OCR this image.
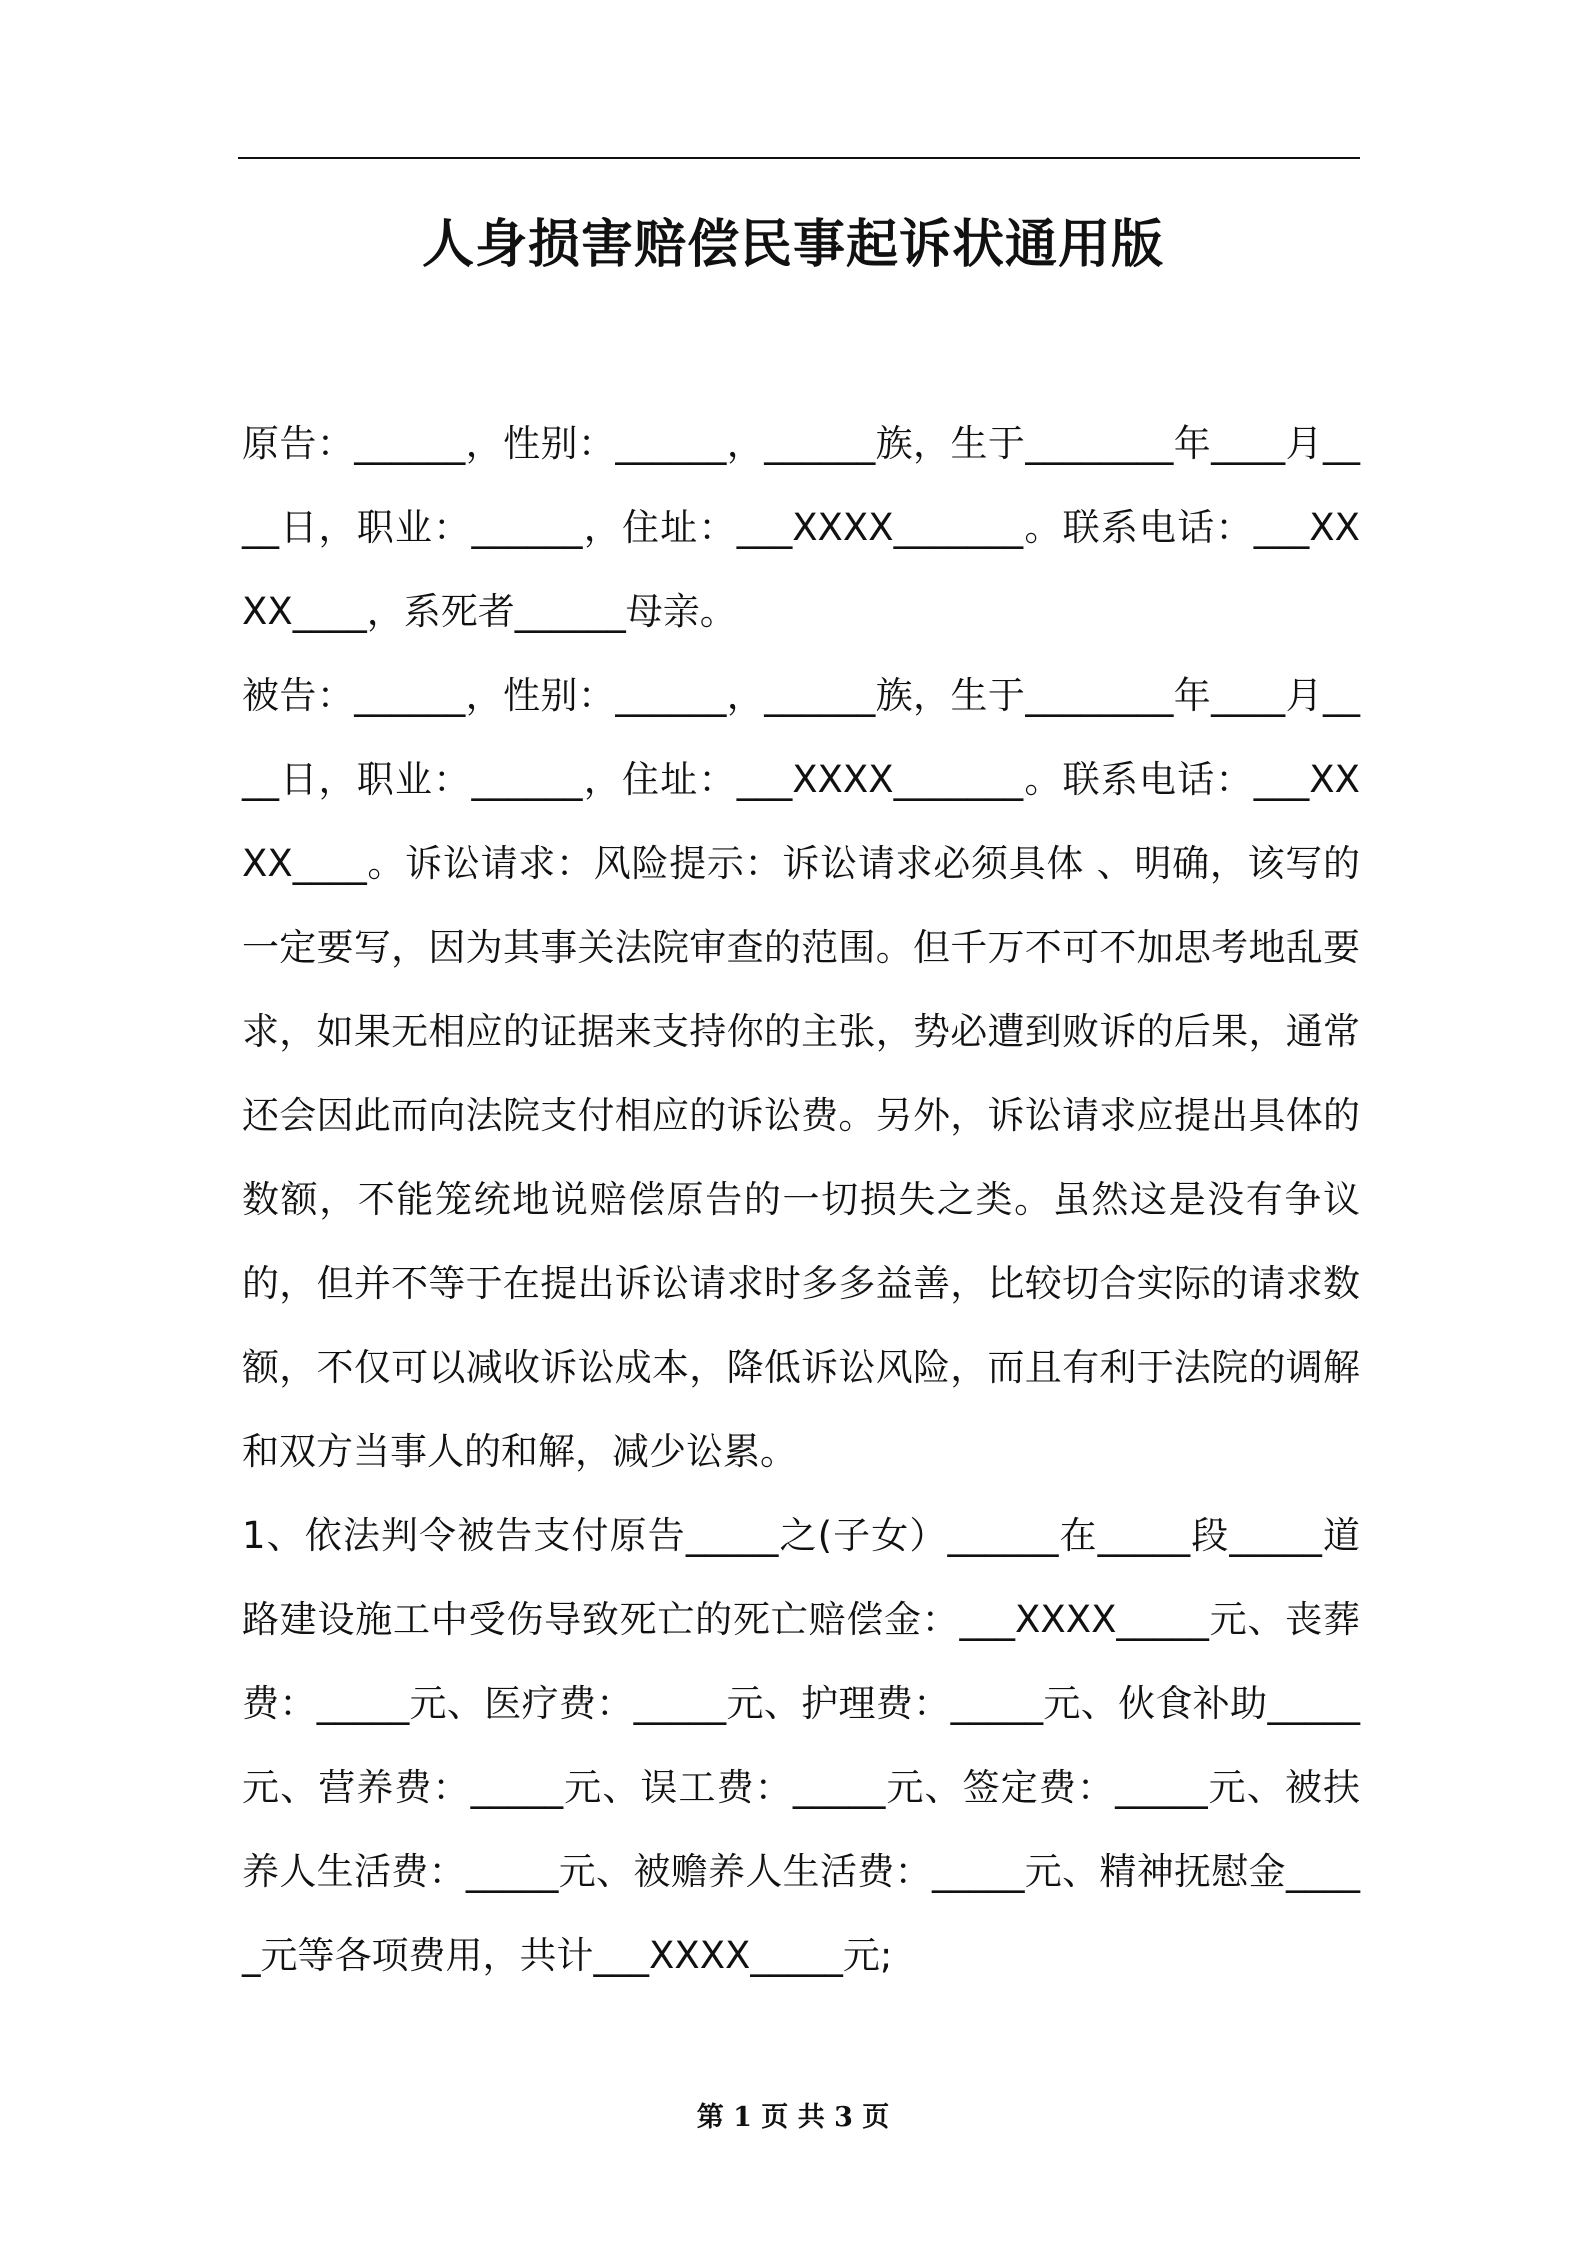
人身损害赔偿民事起诉状通用版

原告：______，性别：______，______族，生于________年____月____日，职业：______，住址：___XXXX_______。联系电话：___XXXX____，系死者______母亲。

被告：______，性别：______，______族，生于________年____月____日，职业：______，住址：___XXXX_______。联系电话：___XXXX____。诉讼请求：风险提示：诉讼请求必须具体 、明确，该写的一定要写，因为其事关法院审查的范围。但千万不可不加思考地乱要求，如果无相应的证据来支持你的主张，势必遭到败诉的后果，通常还会因此而向法院支付相应的诉讼费。另外，诉讼请求应提出具体的数额，不能笼统地说赔偿原告的一切损失之类。虽然这是没有争议的，但并不等于在提出诉讼请求时多多益善，比较切合实际的请求数额，不仅可以减收诉讼成本，降低诉讼风险，而且有利于法院的调解和双方当事人的和解，减少讼累。

1、依法判令被告支付原告_____之(子女）______在_____段_____道路建设施工中受伤导致死亡的死亡赔偿金：___XXXX_____元、丧葬费：_____元、医疗费：_____元、护理费：_____元、伙食补助_____元、营养费：_____元、误工费：_____元、签定费：_____元、被扶养人生活费：_____元、被赡养人生活费：_____元、精神抚慰金_____元等各项费用，共计___XXXX_____元;

第 1 页 共 3 页
